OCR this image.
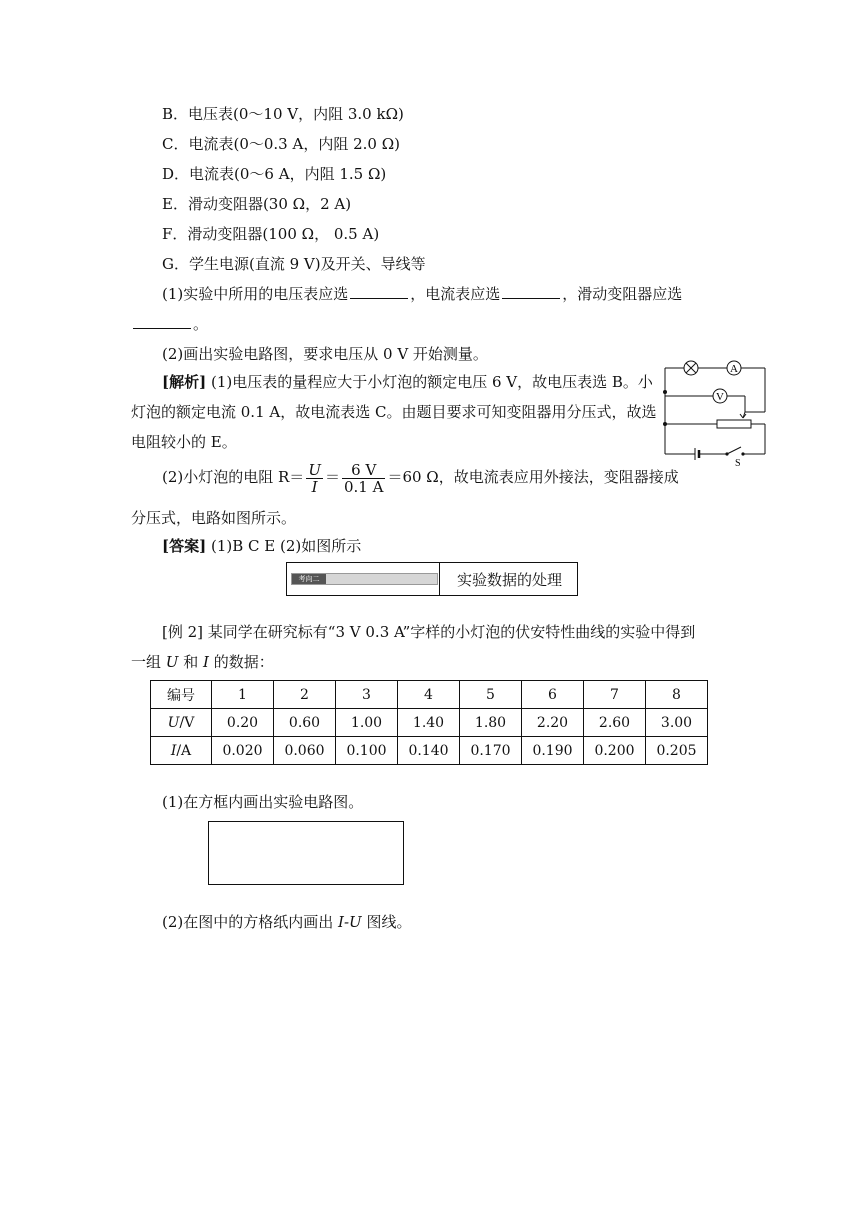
B．电压表(0～10 V，内阻 3.0 kΩ)
C．电流表(0～0.3 A，内阻 2.0 Ω)
D．电流表(0～6 A，内阻 1.5 Ω)
E．滑动变阻器(30 Ω，2 A)
F．滑动变阻器(100 Ω， 0.5 A)
G．学生电源(直流 9 V)及开关、导线等
(1)实验中所用的电压表应选	，电流表应选	，滑动变阻器应选
。
(2)画出实验电路图，要求电压从 0 V 开始测量。
[解析] (1)电压表的量程应大于小灯泡的额定电压 6 V，故电压表选 B。小
灯泡的额定电流 0.1 A，故电流表选 C。由题目要求可知变阻器用分压式，故选
电阻较小的 E。
(2)小灯泡的电阻 $R= \frac{U}{I} = \frac{6 V}{0.1 A} =60$ Ω，故电流表应用外接法，变阻器接成
分压式，电路如图所示。
[答案] (1)B C E (2)如图所示
A
V
S
考向二	实验数据的处理
[例 2] 某同学在研究标有“3 V 0.3 A”字样的小灯泡的伏安特性曲线的实验中得到
一组 U 和 I 的数据：
编号	1	2	3	4	5	6	7	8
U/V	0.20	0.60	1.00	1.40	1.80	2.20	2.60	3.00
I/A	0.020	0.060	0.100	0.140	0.170	0.190	0.200	0.205
(1)在方框内画出实验电路图。
(2)在图中的方格纸内画出 I-U 图线。
